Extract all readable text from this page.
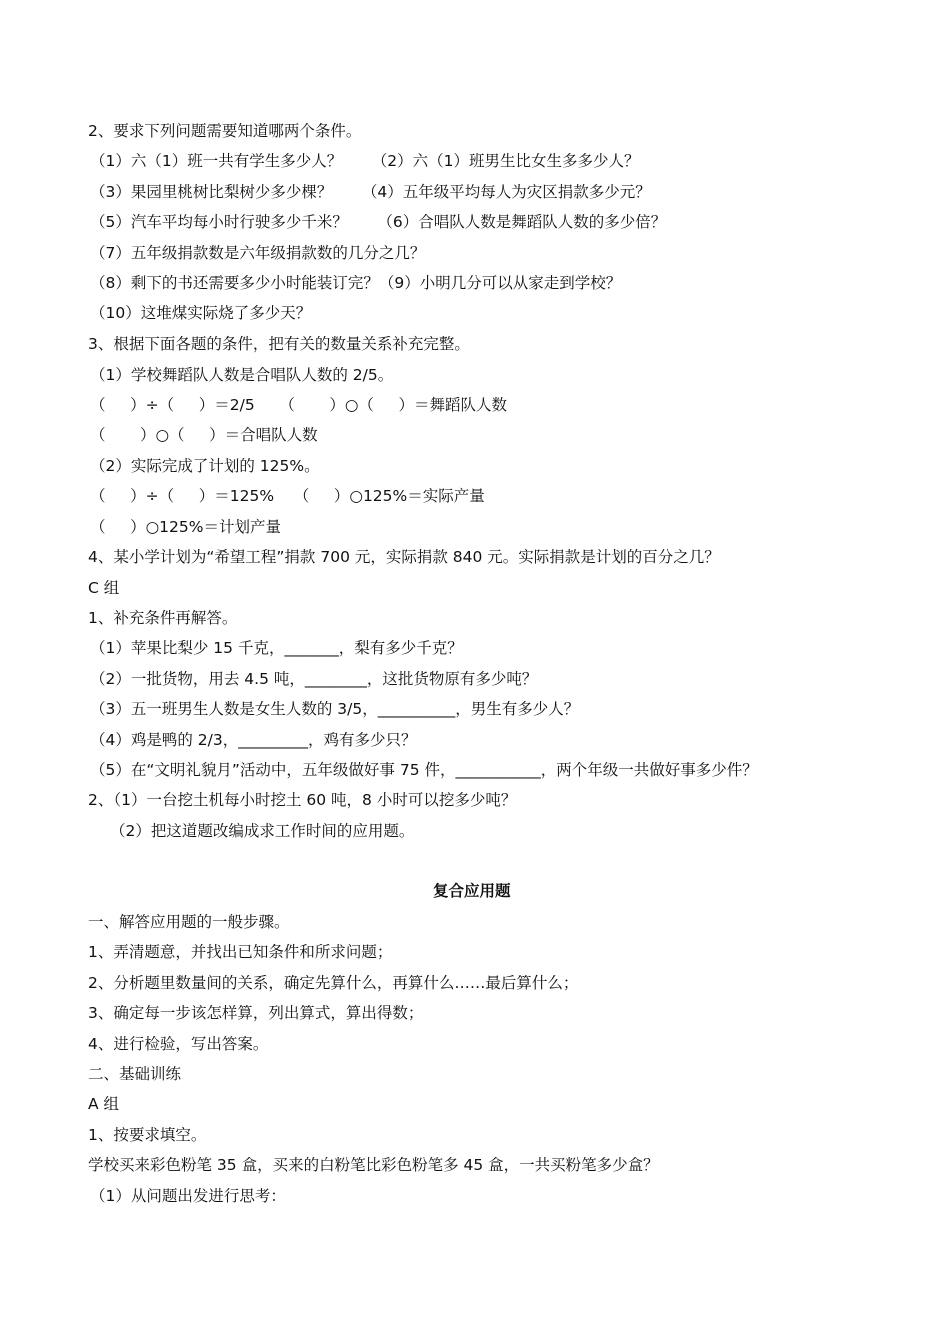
2、要求下列问题需要知道哪两个条件。
（1）六（1）班一共有学生多少人？      （2）六（1）班男生比女生多多少人？
（3）果园里桃树比梨树少多少棵？      （4）五年级平均每人为灾区捐款多少元？
（5）汽车平均每小时行驶多少千米？      （6）合唱队人数是舞蹈队人数的多少倍？
（7）五年级捐款数是六年级捐款数的几分之几？
（8）剩下的书还需要多少小时能装订完？（9）小明几分可以从家走到学校？
（10）这堆煤实际烧了多少天？
3、根据下面各题的条件，把有关的数量关系补充完整。
（1）学校舞蹈队人数是合唱队人数的 2/5。
（     ）÷（     ）＝2/5     （       ）○（     ）＝舞蹈队人数
（       ）○（     ）＝合唱队人数
（2）实际完成了计划的 125%。
（     ）÷（     ）＝125%    （     ）○125%＝实际产量
（     ）○125%＝计划产量
4、某小学计划为“希望工程”捐款 700 元，实际捐款 840 元。实际捐款是计划的百分之几？
C 组
1、补充条件再解答。
（1）苹果比梨少 15 千克，_______，梨有多少千克？
（2）一批货物，用去 4.5 吨，________，这批货物原有多少吨？
（3）五一班男生人数是女生人数的 3/5，__________，男生有多少人？
（4）鸡是鸭的 2/3，_________，鸡有多少只？
（5）在“文明礼貌月”活动中，五年级做好事 75 件，___________，两个年级一共做好事多少件？
2、（1）一台挖土机每小时挖土 60 吨，8 小时可以挖多少吨？
（2）把这道题改编成求工作时间的应用题。
复合应用题
一、解答应用题的一般步骤。
1、弄清题意，并找出已知条件和所求问题；
2、分析题里数量间的关系，确定先算什么，再算什么……最后算什么；
3、确定每一步该怎样算，列出算式，算出得数；
4、进行检验，写出答案。
二、基础训练
A 组
1、按要求填空。
学校买来彩色粉笔 35 盒，买来的白粉笔比彩色粉笔多 45 盒，一共买粉笔多少盒？
（1）从问题出发进行思考：
